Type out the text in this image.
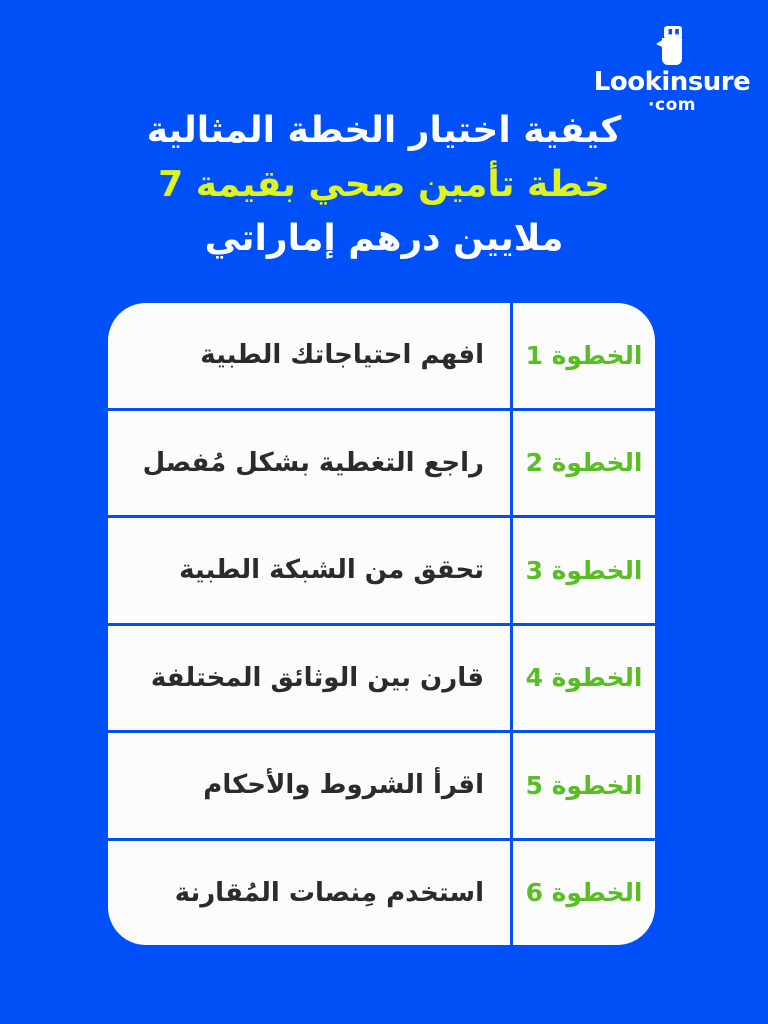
Lookinsure
·com
كيفية اختيار الخطة المثالية
خطة تأمين صحي بقيمة 7
ملايين درهم إماراتي
الخطوة 1
افهم احتياجاتك الطبية
الخطوة 2
راجع التغطية بشكل مُفصل
الخطوة 3
تحقق من الشبكة الطبية
الخطوة 4
قارن بين الوثائق المختلفة
الخطوة 5
اقرأ الشروط والأحكام
الخطوة 6
استخدم مِنصات المُقارنة
